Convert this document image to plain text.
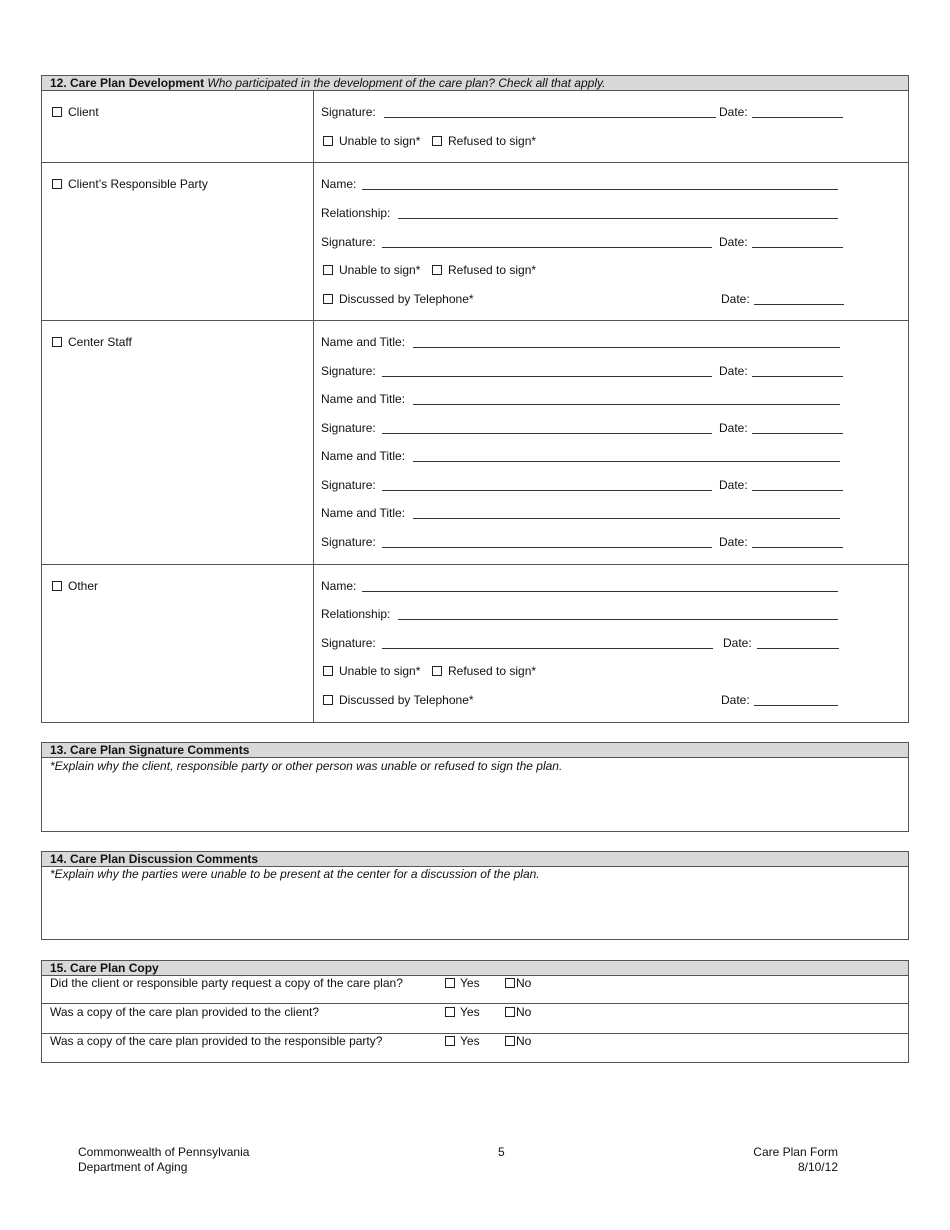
12. Care Plan Development Who participated in the development of the care plan? Check all that apply.
Client	Signature:	Date:
Unable to sign* Refused to sign*
Client’s Responsible Party	Name:
Relationship:
Signature:	Date:
Unable to sign* Refused to sign*
Discussed by Telephone*	Date:
Center Staff	Name and Title:
Signature:	Date:
Name and Title:
Signature:	Date:
Name and Title:
Signature:	Date:
Name and Title:
Signature:	Date:
Other	Name:
Relationship:
Signature:	Date:
Unable to sign* Refused to sign*
Discussed by Telephone*	Date:
13. Care Plan Signature Comments
*Explain why the client, responsible party or other person was unable or refused to sign the plan.
14. Care Plan Discussion Comments
*Explain why the parties were unable to be present at the center for a discussion of the plan.
15. Care Plan Copy
Did the client or responsible party request a copy of the care plan?	Yes	No
Was a copy of the care plan provided to the client?	Yes	No
Was a copy of the care plan provided to the responsible party?	Yes	No
Commonwealth of Pennsylvania
Department of Aging
5	Care Plan Form
8/10/12
